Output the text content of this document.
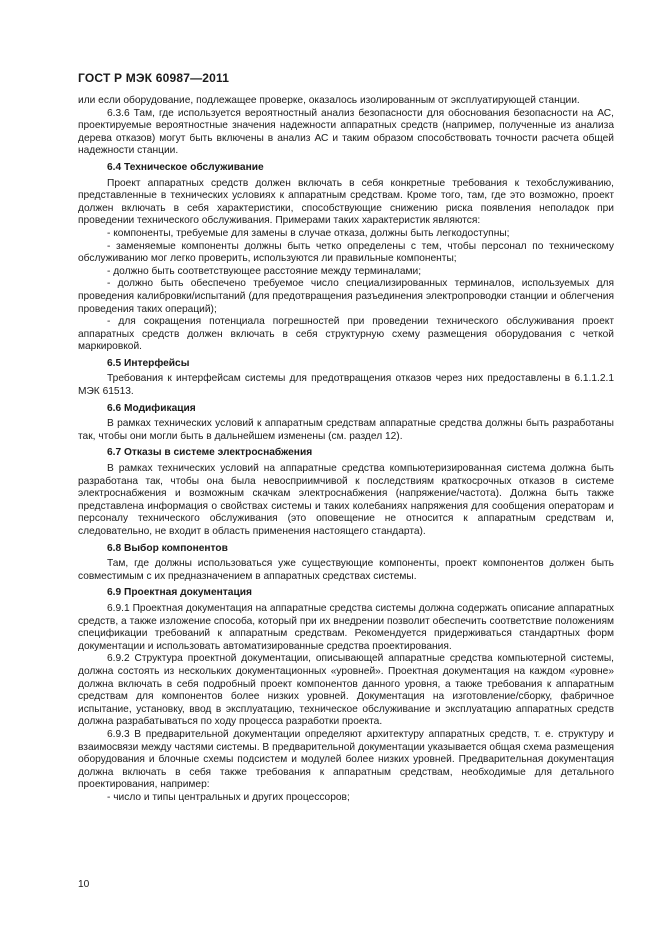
ГОСТ Р МЭК 60987—2011

или если оборудование, подлежащее проверке, оказалось изолированным от эксплуатирующей станции.

6.3.6 Там, где используется вероятностный анализ безопасности для обоснования безопасности на АС, проектируемые вероятностные значения надежности аппаратных средств (например, полученные из анализа дерева отказов) могут быть включены в анализ АС и таким образом способствовать точности расчета общей надежности станции.

6.4 Техническое обслуживание

Проект аппаратных средств должен включать в себя конкретные требования к техобслуживанию, представленные в технических условиях к аппаратным средствам. Кроме того, там, где это возможно, проект должен включать в себя характеристики, способствующие снижению риска появления неполадок при проведении технического обслуживания. Примерами таких характеристик являются:

- компоненты, требуемые для замены в случае отказа, должны быть легкодоступны;

- заменяемые компоненты должны быть четко определены с тем, чтобы персонал по техническому обслуживанию мог легко проверить, используются ли правильные компоненты;

- должно быть соответствующее расстояние между терминалами;

- должно быть обеспечено требуемое число специализированных терминалов, используемых для проведения калибровки/испытаний (для предотвращения разъединения электропроводки станции и облегчения проведения таких операций);

- для сокращения потенциала погрешностей при проведении технического обслуживания проект аппаратных средств должен включать в себя структурную схему размещения оборудования с четкой маркировкой.

6.5 Интерфейсы

Требования к интерфейсам системы для предотвращения отказов через них предоставлены в 6.1.1.2.1 МЭК 61513.

6.6 Модификация

В рамках технических условий к аппаратным средствам аппаратные средства должны быть разработаны так, чтобы они могли быть в дальнейшем изменены (см. раздел 12).

6.7 Отказы в системе электроснабжения

В рамках технических условий на аппаратные средства компьютеризированная система должна быть разработана так, чтобы она была невосприимчивой к последствиям краткосрочных отказов в системе электроснабжения и возможным скачкам электроснабжения (напряжение/частота). Должна быть также представлена информация о свойствах системы и таких колебаниях напряжения для сообщения операторам и персоналу технического обслуживания (это оповещение не относится к аппаратным средствам и, следовательно, не входит в область применения настоящего стандарта).

6.8 Выбор компонентов

Там, где должны использоваться уже существующие компоненты, проект компонентов должен быть совместимым с их предназначением в аппаратных средствах системы.

6.9 Проектная документация

6.9.1 Проектная документация на аппаратные средства системы должна содержать описание аппаратных средств, а также изложение способа, который при их внедрении позволит обеспечить соответствие положениям спецификации требований к аппаратным средствам. Рекомендуется придерживаться стандартных форм документации и использовать автоматизированные средства проектирования.

6.9.2 Структура проектной документации, описывающей аппаратные средства компьютерной системы, должна состоять из нескольких документационных «уровней». Проектная документация на каждом «уровне» должна включать в себя подробный проект компонентов данного уровня, а также требования к аппаратным средствам для компонентов более низких уровней. Документация на изготовление/сборку, фабричное испытание, установку, ввод в эксплуатацию, техническое обслуживание и эксплуатацию аппаратных средств должна разрабатываться по ходу процесса разработки проекта.

6.9.3 В предварительной документации определяют архитектуру аппаратных средств, т. е. структуру и взаимосвязи между частями системы. В предварительной документации указывается общая схема размещения оборудования и блочные схемы подсистем и модулей более низких уровней. Предварительная документация должна включать в себя также требования к аппаратным средствам, необходимые для детального проектирования, например:

- число и типы центральных и других процессоров;

10
